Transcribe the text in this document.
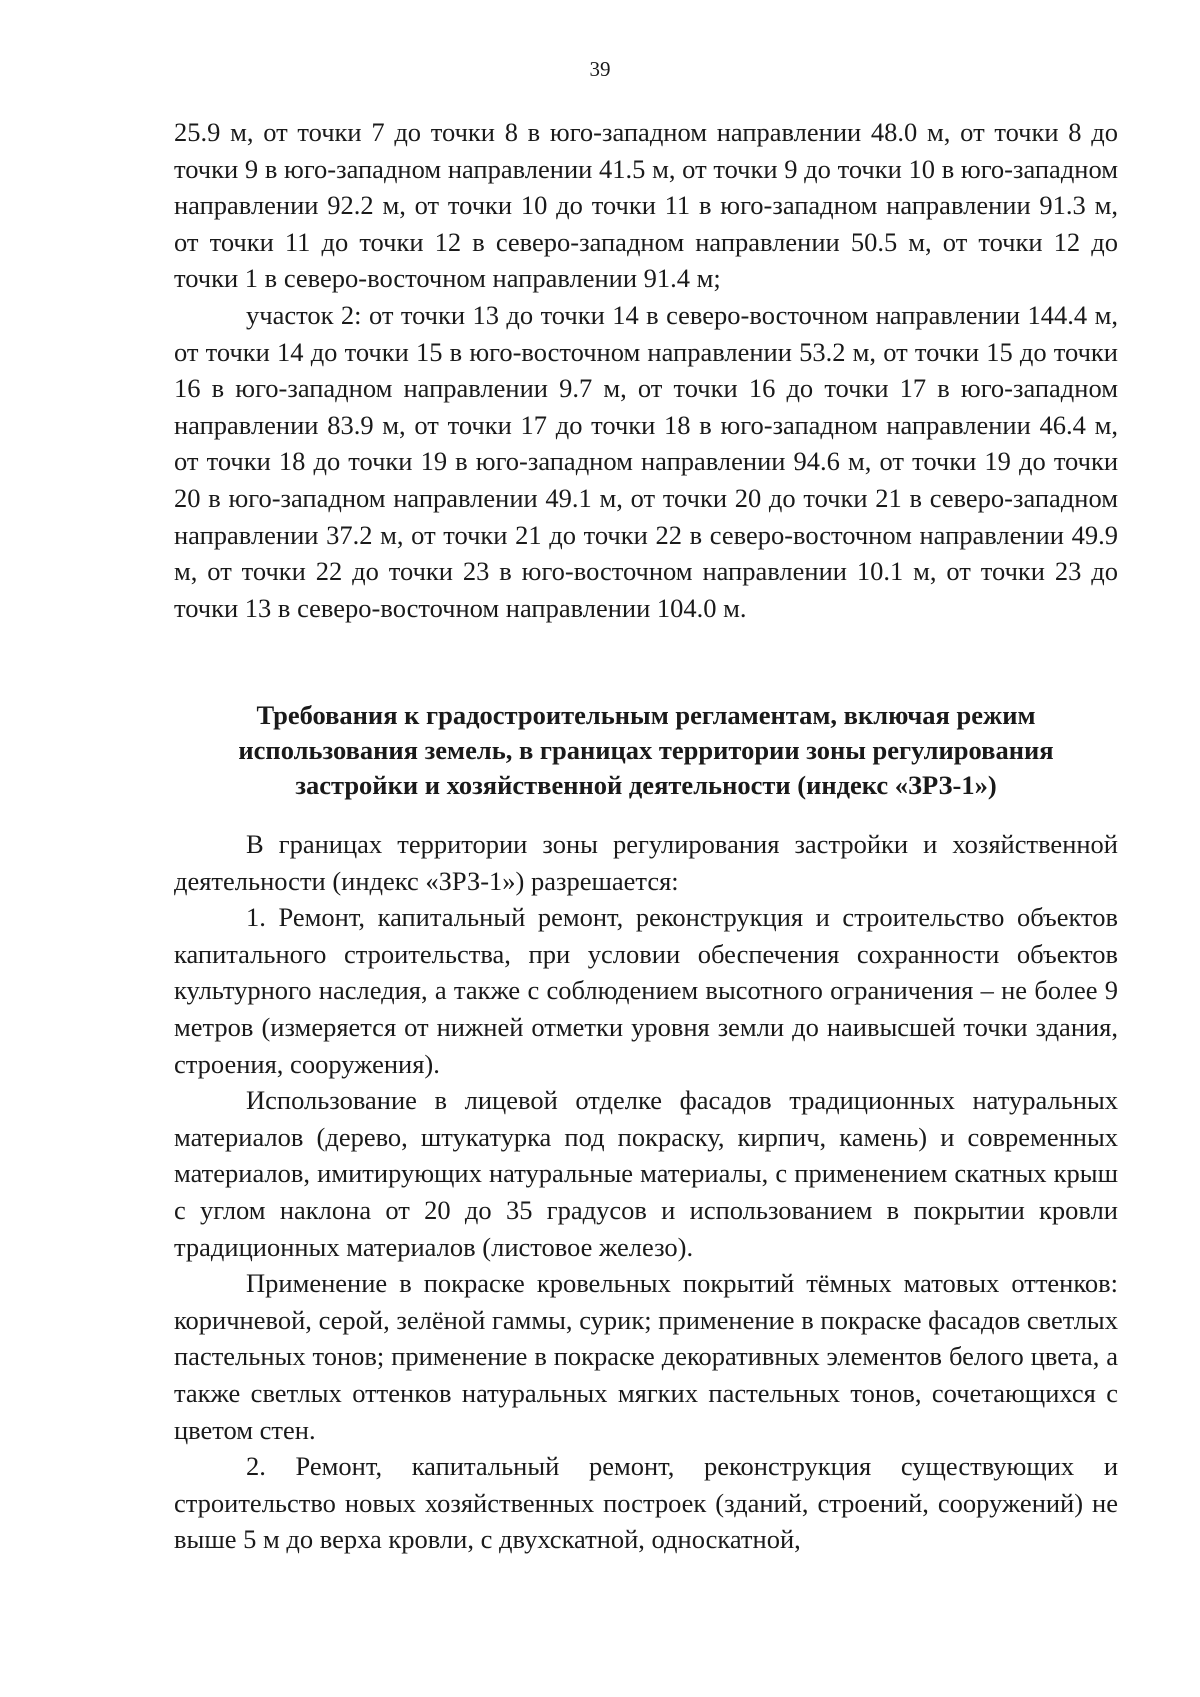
39

25.9 м, от точки 7 до точки 8 в юго-западном направлении 48.0 м, от точки 8 до точки 9 в юго-западном направлении 41.5 м, от точки 9 до точки 10 в юго-западном направлении 92.2 м, от точки 10 до точки 11 в юго-западном направлении 91.3 м, от точки 11 до точки 12 в северо-западном направлении 50.5 м, от точки 12 до точки 1 в северо-восточном направлении 91.4 м;

участок 2: от точки 13 до точки 14 в северо-восточном направлении 144.4 м, от точки 14 до точки 15 в юго-восточном направлении 53.2 м, от точки 15 до точки 16 в юго-западном направлении 9.7 м, от точки 16 до точки 17 в юго-западном направлении 83.9 м, от точки 17 до точки 18 в юго-западном направлении 46.4 м, от точки 18 до точки 19 в юго-западном направлении 94.6 м, от точки 19 до точки 20 в юго-западном направлении 49.1 м, от точки 20 до точки 21 в северо-западном направлении 37.2 м, от точки 21 до точки 22 в северо-восточном направлении 49.9 м, от точки 22 до точки 23 в юго-восточном направлении 10.1 м, от точки 23 до точки 13 в северо-восточном направлении 104.0 м.

Требования к градостроительным регламентам, включая режим
использования земель, в границах территории зоны регулирования
застройки и хозяйственной деятельности (индекс «ЗРЗ-1»)

В границах территории зоны регулирования застройки и хозяйственной деятельности (индекс «ЗРЗ-1») разрешается:

1. Ремонт, капитальный ремонт, реконструкция и строительство объектов капитального строительства, при условии обеспечения сохранности объектов культурного наследия, а также с соблюдением высотного ограничения – не более 9 метров (измеряется от нижней отметки уровня земли до наивысшей точки здания, строения, сооружения).

Использование в лицевой отделке фасадов традиционных натуральных материалов (дерево, штукатурка под покраску, кирпич, камень) и современных материалов, имитирующих натуральные материалы, с применением скатных крыш с углом наклона от 20 до 35 градусов и использованием в покрытии кровли традиционных материалов (листовое железо).

Применение в покраске кровельных покрытий тёмных матовых оттенков: коричневой, серой, зелёной гаммы, сурик; применение в покраске фасадов светлых пастельных тонов; применение в покраске декоративных элементов белого цвета, а также светлых оттенков натуральных мягких пастельных тонов, сочетающихся с цветом стен.

2. Ремонт, капитальный ремонт, реконструкция существующих и строительство новых хозяйственных построек (зданий, строений, сооружений) не выше 5 м до верха кровли, с двухскатной, односкатной,
